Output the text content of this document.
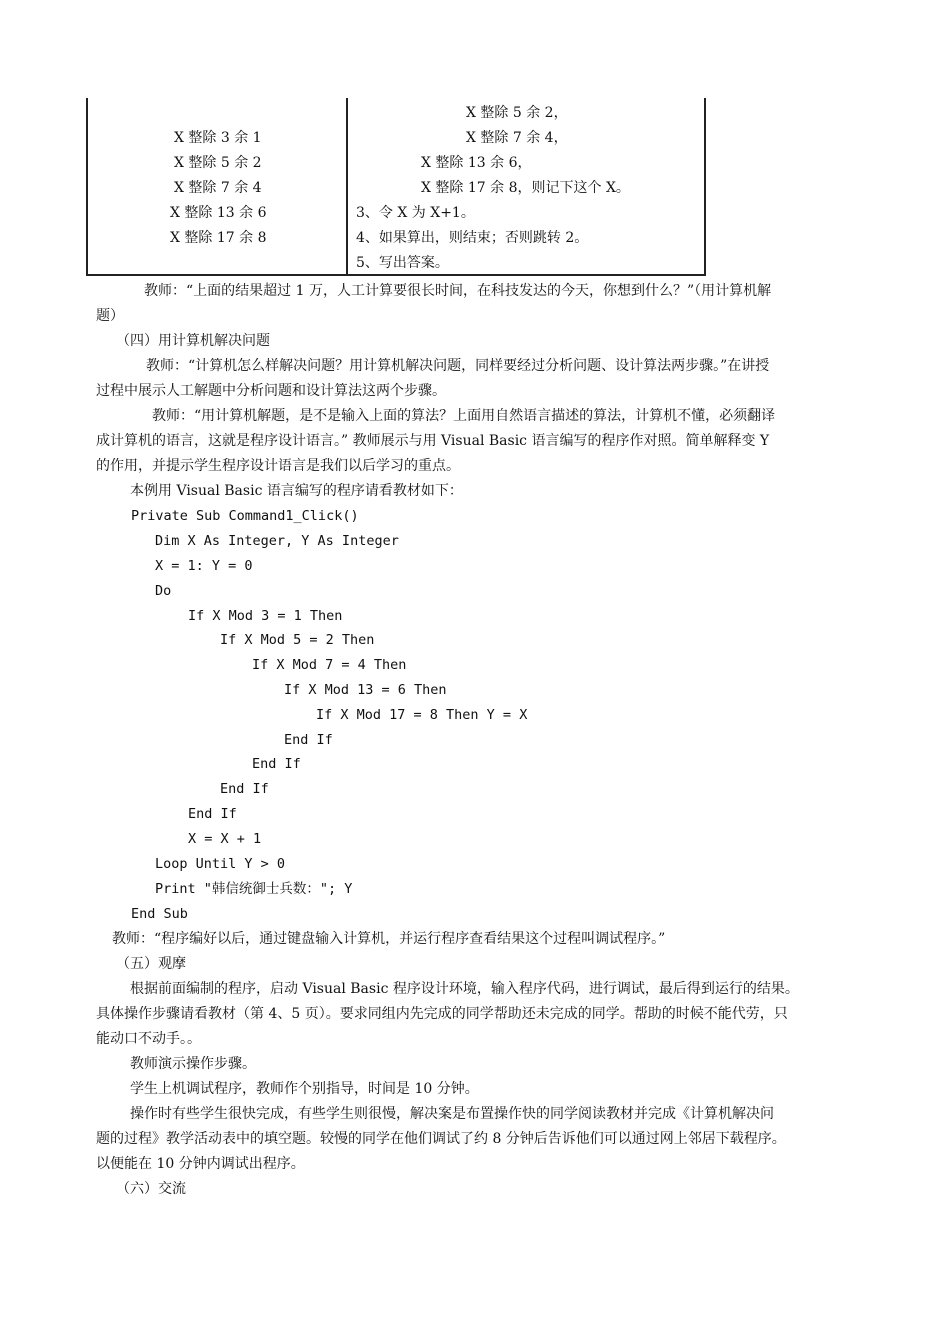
X 整除 3 余 1
X 整除 5 余 2
X 整除 7 余 4
X 整除 13 余 6
X 整除 17 余 8
X 整除 5 余 2，
X 整除 7 余 4，
X 整除 13 余 6，
X 整除 17 余 8，则记下这个 X。
3、令 X 为 X+1。
4、如果算出，则结束；否则跳转 2。
5、写出答案。
教师：“上面的结果超过 1 万，人工计算要很长时间，在科技发达的今天，你想到什么？”（用计算机解
题）
（四）用计算机解决问题
教师：“计算机怎么样解决问题？用计算机解决问题，同样要经过分析问题、设计算法两步骤。”在讲授
过程中展示人工解题中分析问题和设计算法这两个步骤。
教师：“用计算机解题，是不是输入上面的算法？上面用自然语言描述的算法，计算机不懂，必须翻译
成计算机的语言，这就是程序设计语言。” 教师展示与用 Visual Basic 语言编写的程序作对照。简单解释变 Y
的作用，并提示学生程序设计语言是我们以后学习的重点。
本例用 Visual Basic 语言编写的程序请看教材如下：
Private Sub Command1_Click()
Dim X As Integer, Y As Integer
X = 1: Y = 0
Do
If X Mod 3 = 1 Then
If X Mod 5 = 2 Then
If X Mod 7 = 4 Then
If X Mod 13 = 6 Then
If X Mod 17 = 8 Then Y = X
End If
End If
End If
End If
X = X + 1
Loop Until Y > 0
Print "韩信统御士兵数："; Y
End Sub
教师：“程序编好以后，通过键盘输入计算机，并运行程序查看结果这个过程叫调试程序。”
（五）观摩
根据前面编制的程序，启动 Visual Basic 程序设计环境，输入程序代码，进行调试，最后得到运行的结果。
具体操作步骤请看教材（第 4、5 页）。要求同组内先完成的同学帮助还未完成的同学。帮助的时候不能代劳，只
能动口不动手。。
教师演示操作步骤。
学生上机调试程序，教师作个别指导，时间是 10 分钟。
操作时有些学生很快完成，有些学生则很慢，解决案是布置操作快的同学阅读教材并完成《计算机解决问
题的过程》教学活动表中的填空题。较慢的同学在他们调试了约 8 分钟后告诉他们可以通过网上邻居下载程序。
以便能在 10 分钟内调试出程序。
（六）交流
